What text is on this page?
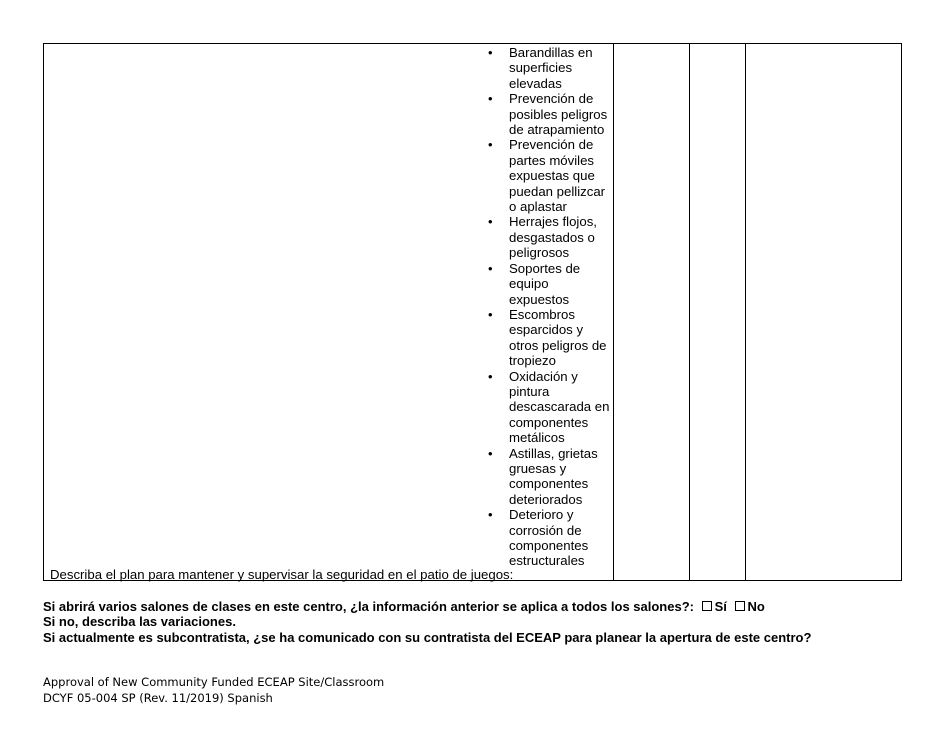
• Barandillas en superficies elevadas
• Prevención de posibles peligros de atrapamiento
• Prevención de partes móviles expuestas que puedan pellizcar o aplastar
• Herrajes flojos, desgastados o peligrosos
• Soportes de equipo expuestos
• Escombros esparcidos y otros peligros de tropiezo
• Oxidación y pintura descascarada en componentes metálicos
• Astillas, grietas gruesas y componentes deteriorados
• Deterioro y corrosión de componentes estructurales
Describa el plan para mantener y supervisar la seguridad en el patio de juegos:
Si abrirá varios salones de clases en este centro, ¿la información anterior se aplica a todos los salones?: Sí No
Si no, describa las variaciones.
Si actualmente es subcontratista, ¿se ha comunicado con su contratista del ECEAP para planear la apertura de este centro?
Approval of New Community Funded ECEAP Site/Classroom
DCYF 05-004 SP (Rev. 11/2019) Spanish
